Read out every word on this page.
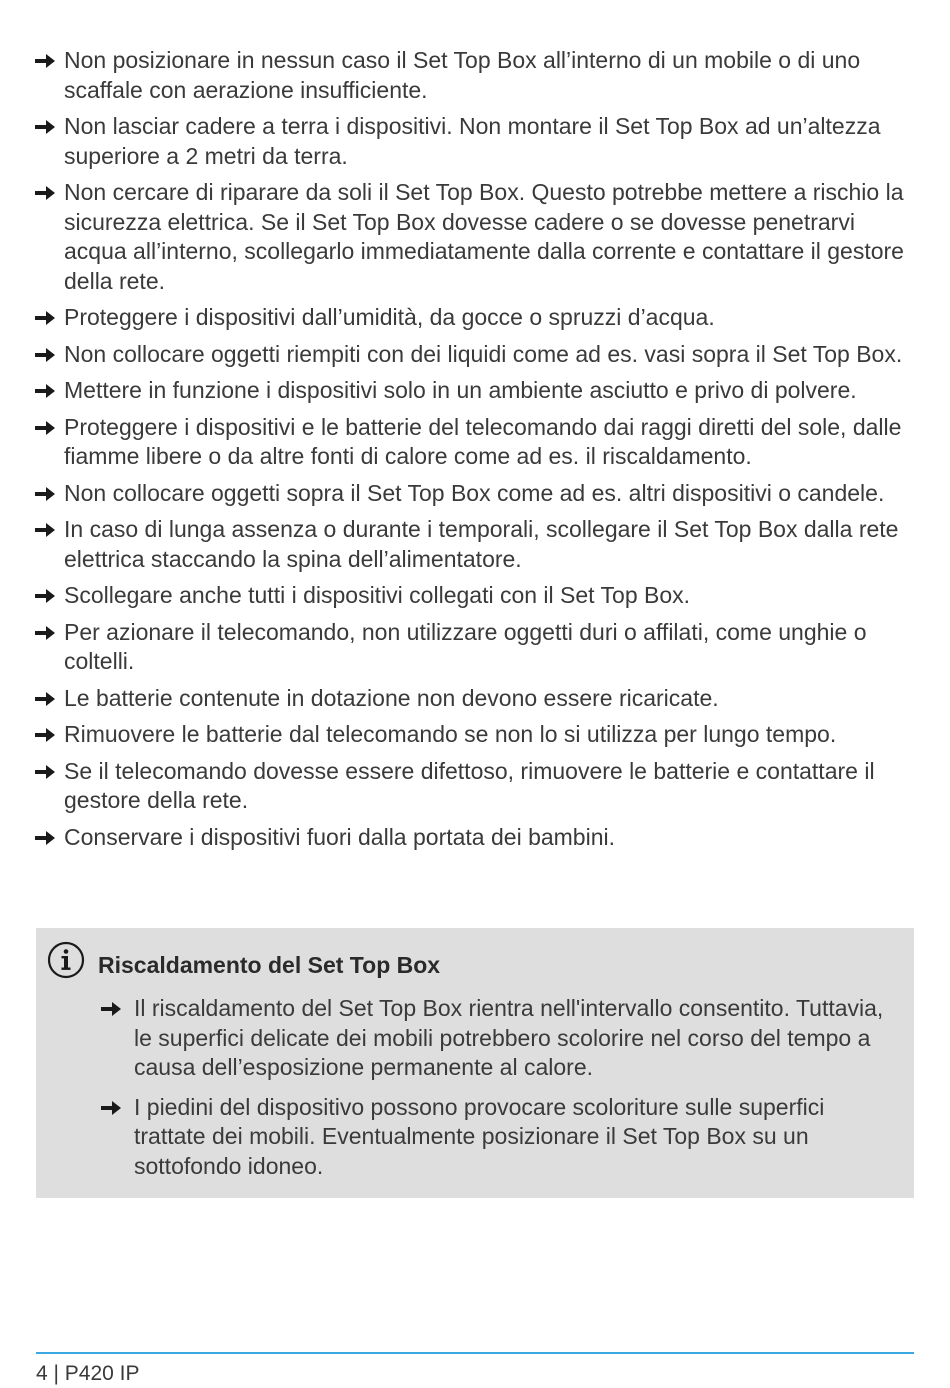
Non posizionare in nessun caso il Set Top Box all’interno di un mobile o di uno scaffale con aerazione insufficiente.
Non lasciar cadere a terra i dispositivi. Non montare il Set Top Box ad un’altezza superiore a 2 metri da terra.
Non cercare di riparare da soli il Set Top Box. Questo potrebbe mettere a rischio la sicurezza elettrica. Se il Set Top Box dovesse cadere o se dovesse penetrarvi acqua all’interno, scollegarlo immediatamente dalla corrente e contattare il gestore della rete.
Proteggere i dispositivi dall’umidità, da gocce o spruzzi d’acqua.
Non collocare oggetti riempiti con dei liquidi come ad es. vasi sopra il Set Top Box.
Mettere in funzione i dispositivi solo in un ambiente asciutto e privo di polvere.
Proteggere i dispositivi e le batterie del telecomando dai raggi diretti del sole, dalle fiamme libere o da altre fonti di calore come ad es. il riscaldamento.
Non collocare oggetti sopra il Set Top Box come ad es. altri dispositivi o candele.
In caso di lunga assenza o durante i temporali, scollegare il Set Top Box dalla rete elettrica staccando la spina dell’alimentatore.
Scollegare anche tutti i dispositivi collegati con il Set Top Box.
Per azionare il telecomando, non utilizzare oggetti duri o affilati, come unghie o coltelli.
Le batterie contenute in dotazione non devono essere ricaricate.
Rimuovere le batterie dal telecomando se non lo si utilizza per lungo tempo.
Se il telecomando dovesse essere difettoso, rimuovere le batterie e contattare il gestore della rete.
Conservare i dispositivi fuori dalla portata dei bambini.
Riscaldamento del Set Top Box
Il riscaldamento del Set Top Box rientra nell'intervallo consentito. Tuttavia, le superfici delicate dei mobili potrebbero scolorire nel corso del tempo a causa dell’esposizione permanente al calore.
I piedini del dispositivo possono provocare scoloriture sulle superfici trattate dei mobili. Eventualmente posizionare il Set Top Box su un sottofondo idoneo.
4 | P420 IP
